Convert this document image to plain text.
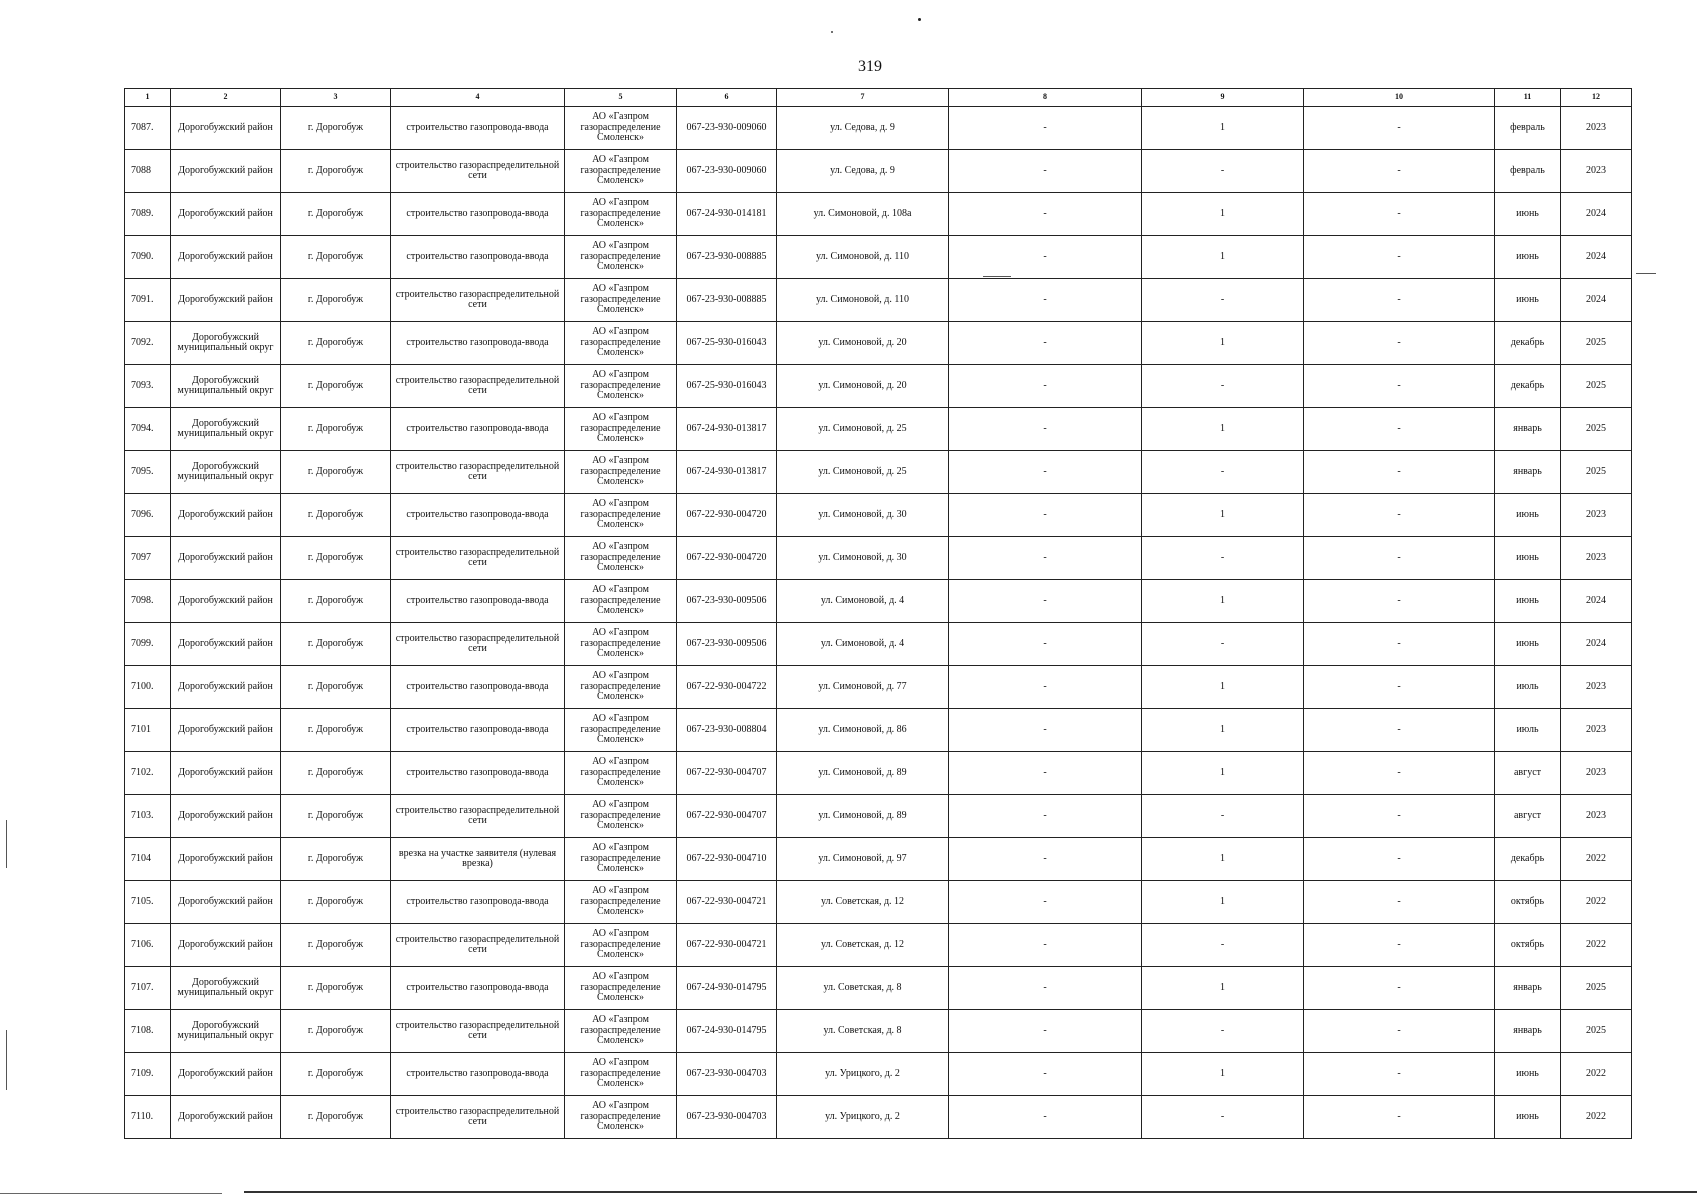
319
1	2	3	4	5	6	7	8	9	10	11	12
7087.	Дорогобужский район	г. Дорогобуж	строительство газопровода-ввода	АО «Газпром газораспределение Смоленск»	067-23-930-009060	ул. Седова, д. 9	-	1	-	февраль	2023
7088	Дорогобужский район	г. Дорогобуж	строительство газораспределительной сети	АО «Газпром газораспределение Смоленск»	067-23-930-009060	ул. Седова, д. 9	-	-	-	февраль	2023
7089.	Дорогобужский район	г. Дорогобуж	строительство газопровода-ввода	АО «Газпром газораспределение Смоленск»	067-24-930-014181	ул. Симоновой, д. 108а	-	1	-	июнь	2024
7090.	Дорогобужский район	г. Дорогобуж	строительство газопровода-ввода	АО «Газпром газораспределение Смоленск»	067-23-930-008885	ул. Симоновой, д. 110	-	1	-	июнь	2024
7091.	Дорогобужский район	г. Дорогобуж	строительство газораспределительной сети	АО «Газпром газораспределение Смоленск»	067-23-930-008885	ул. Симоновой, д. 110	-	-	-	июнь	2024
7092.	Дорогобужский муниципальный округ	г. Дорогобуж	строительство газопровода-ввода	АО «Газпром газораспределение Смоленск»	067-25-930-016043	ул. Симоновой, д. 20	-	1	-	декабрь	2025
7093.	Дорогобужский муниципальный округ	г. Дорогобуж	строительство газораспределительной сети	АО «Газпром газораспределение Смоленск»	067-25-930-016043	ул. Симоновой, д. 20	-	-	-	декабрь	2025
7094.	Дорогобужский муниципальный округ	г. Дорогобуж	строительство газопровода-ввода	АО «Газпром газораспределение Смоленск»	067-24-930-013817	ул. Симоновой, д. 25	-	1	-	январь	2025
7095.	Дорогобужский муниципальный округ	г. Дорогобуж	строительство газораспределительной сети	АО «Газпром газораспределение Смоленск»	067-24-930-013817	ул. Симоновой, д. 25	-	-	-	январь	2025
7096.	Дорогобужский район	г. Дорогобуж	строительство газопровода-ввода	АО «Газпром газораспределение Смоленск»	067-22-930-004720	ул. Симоновой, д. 30	-	1	-	июнь	2023
7097	Дорогобужский район	г. Дорогобуж	строительство газораспределительной сети	АО «Газпром газораспределение Смоленск»	067-22-930-004720	ул. Симоновой, д. 30	-	-	-	июнь	2023
7098.	Дорогобужский район	г. Дорогобуж	строительство газопровода-ввода	АО «Газпром газораспределение Смоленск»	067-23-930-009506	ул. Симоновой, д. 4	-	1	-	июнь	2024
7099.	Дорогобужский район	г. Дорогобуж	строительство газораспределительной сети	АО «Газпром газораспределение Смоленск»	067-23-930-009506	ул. Симоновой, д. 4	-	-	-	июнь	2024
7100.	Дорогобужский район	г. Дорогобуж	строительство газопровода-ввода	АО «Газпром газораспределение Смоленск»	067-22-930-004722	ул. Симоновой, д. 77	-	1	-	июль	2023
7101	Дорогобужский район	г. Дорогобуж	строительство газопровода-ввода	АО «Газпром газораспределение Смоленск»	067-23-930-008804	ул. Симоновой, д. 86	-	1	-	июль	2023
7102.	Дорогобужский район	г. Дорогобуж	строительство газопровода-ввода	АО «Газпром газораспределение Смоленск»	067-22-930-004707	ул. Симоновой, д. 89	-	1	-	август	2023
7103.	Дорогобужский район	г. Дорогобуж	строительство газораспределительной сети	АО «Газпром газораспределение Смоленск»	067-22-930-004707	ул. Симоновой, д. 89	-	-	-	август	2023
7104	Дорогобужский район	г. Дорогобуж	врезка на участке заявителя (нулевая врезка)	АО «Газпром газораспределение Смоленск»	067-22-930-004710	ул. Симоновой, д. 97	-	1	-	декабрь	2022
7105.	Дорогобужский район	г. Дорогобуж	строительство газопровода-ввода	АО «Газпром газораспределение Смоленск»	067-22-930-004721	ул. Советская, д. 12	-	1	-	октябрь	2022
7106.	Дорогобужский район	г. Дорогобуж	строительство газораспределительной сети	АО «Газпром газораспределение Смоленск»	067-22-930-004721	ул. Советская, д. 12	-	-	-	октябрь	2022
7107.	Дорогобужский муниципальный округ	г. Дорогобуж	строительство газопровода-ввода	АО «Газпром газораспределение Смоленск»	067-24-930-014795	ул. Советская, д. 8	-	1	-	январь	2025
7108.	Дорогобужский муниципальный округ	г. Дорогобуж	строительство газораспределительной сети	АО «Газпром газораспределение Смоленск»	067-24-930-014795	ул. Советская, д. 8	-	-	-	январь	2025
7109.	Дорогобужский район	г. Дорогобуж	строительство газопровода-ввода	АО «Газпром газораспределение Смоленск»	067-23-930-004703	ул. Урицкого, д. 2	-	1	-	июнь	2022
7110.	Дорогобужский район	г. Дорогобуж	строительство газораспределительной сети	АО «Газпром газораспределение Смоленск»	067-23-930-004703	ул. Урицкого, д. 2	-	-	-	июнь	2022
